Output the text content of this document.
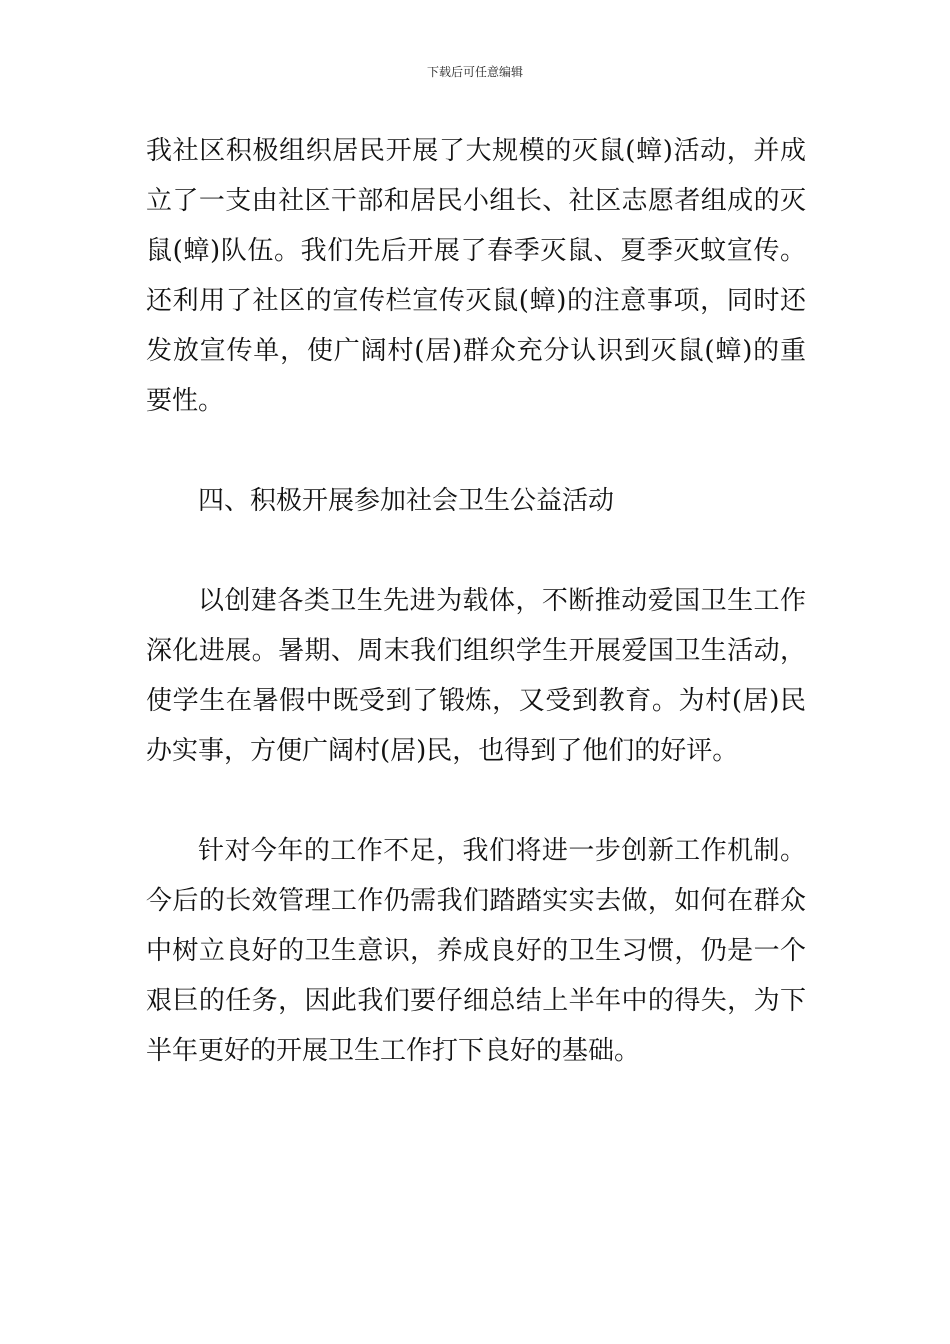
下载后可任意编辑

我社区积极组织居民开展了大规模的灭鼠(蟑)活动，并成立了一支由社区干部和居民小组长、社区志愿者组成的灭鼠(蟑)队伍。我们先后开展了春季灭鼠、夏季灭蚊宣传。还利用了社区的宣传栏宣传灭鼠(蟑)的注意事项，同时还发放宣传单，使广阔村(居)群众充分认识到灭鼠(蟑)的重要性。

四、积极开展参加社会卫生公益活动

以创建各类卫生先进为载体，不断推动爱国卫生工作深化进展。暑期、周末我们组织学生开展爱国卫生活动，使学生在暑假中既受到了锻炼，又受到教育。为村(居)民办实事，方便广阔村(居)民，也得到了他们的好评。

针对今年的工作不足，我们将进一步创新工作机制。今后的长效管理工作仍需我们踏踏实实去做，如何在群众中树立良好的卫生意识，养成良好的卫生习惯，仍是一个艰巨的任务，因此我们要仔细总结上半年中的得失，为下半年更好的开展卫生工作打下良好的基础。
